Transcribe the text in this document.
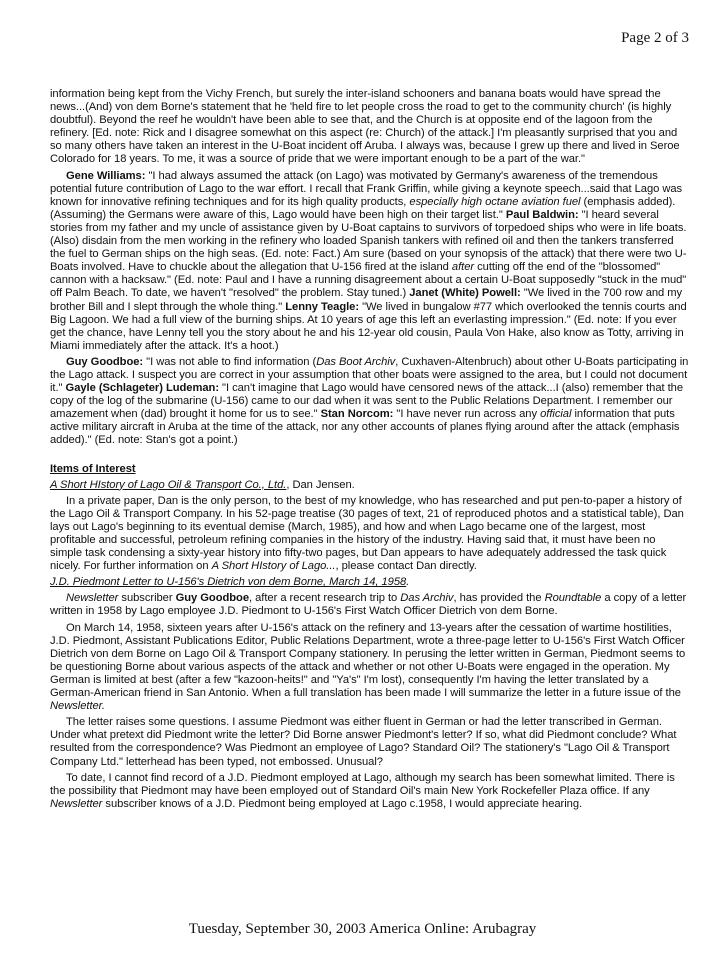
Page 2 of 3

information being kept from the Vichy French, but surely the inter-island schooners and banana boats would have spread the news...(And) von dem Borne's statement that he 'held fire to let people cross the road to get to the community church' (is highly doubtful). Beyond the reef he wouldn't have been able to see that, and the Church is at opposite end of the lagoon from the refinery. [Ed. note: Rick and I disagree somewhat on this aspect (re: Church) of the attack.] I'm pleasantly surprised that you and so many others have taken an interest in the U-Boat incident off Aruba. I always was, because I grew up there and lived in Seroe Colorado for 18 years. To me, it was a source of pride that we were important enough to be a part of the war."

Gene Williams: "I had always assumed the attack (on Lago) was motivated by Germany's awareness of the tremendous potential future contribution of Lago to the war effort. I recall that Frank Griffin, while giving a keynote speech...said that Lago was known for innovative refining techniques and for its high quality products, especially high octane aviation fuel (emphasis added). (Assuming) the Germans were aware of this, Lago would have been high on their target list." Paul Baldwin: "I heard several stories from my father and my uncle of assistance given by U-Boat captains to survivors of torpedoed ships who were in life boats. (Also) disdain from the men working in the refinery who loaded Spanish tankers with refined oil and then the tankers transferred the fuel to German ships on the high seas. (Ed. note: Fact.) Am sure (based on your synopsis of the attack) that there were two U-Boats involved. Have to chuckle about the allegation that U-156 fired at the island after cutting off the end of the "blossomed" cannon with a hacksaw." (Ed. note: Paul and I have a running disagreement about a certain U-Boat supposedly "stuck in the mud" off Palm Beach. To date, we haven't "resolved" the problem. Stay tuned.) Janet (White) Powell: "We lived in the 700 row and my brother Bill and I slept through the whole thing." Lenny Teagle: "We lived in bungalow #77 which overlooked the tennis courts and Big Lagoon. We had a full view of the burning ships. At 10 years of age this left an everlasting impression." (Ed. note: If you ever get the chance, have Lenny tell you the story about he and his 12-year old cousin, Paula Von Hake, also know as Totty, arriving in Miami immediately after the attack. It's a hoot.)

Guy Goodboe: "I was not able to find information (Das Boot Archiv, Cuxhaven-Altenbruch) about other U-Boats participating in the Lago attack. I suspect you are correct in your assumption that other boats were assigned to the area, but I could not document it." Gayle (Schlageter) Ludeman: "I can't imagine that Lago would have censored news of the attack...I (also) remember that the copy of the log of the submarine (U-156) came to our dad when it was sent to the Public Relations Department. I remember our amazement when (dad) brought it home for us to see." Stan Norcom: "I have never run across any official information that puts active military aircraft in Aruba at the time of the attack, nor any other accounts of planes flying around after the attack (emphasis added)." (Ed. note: Stan's got a point.)

Items of Interest

A Short HIstory of Lago Oil & Transport Co., Ltd., Dan Jensen.

In a private paper, Dan is the only person, to the best of my knowledge, who has researched and put pen-to-paper a history of the Lago Oil & Transport Company. In his 52-page treatise (30 pages of text, 21 of reproduced photos and a statistical table), Dan lays out Lago's beginning to its eventual demise (March, 1985), and how and when Lago became one of the largest, most profitable and successful, petroleum refining companies in the history of the industry. Having said that, it must have been no simple task condensing a sixty-year history into fifty-two pages, but Dan appears to have adequately addressed the task quick nicely. For further information on A Short HIstory of Lago..., please contact Dan directly.

J.D. Piedmont Letter to U-156's Dietrich von dem Borne, March 14, 1958.

Newsletter subscriber Guy Goodboe, after a recent research trip to Das Archiv, has provided the Roundtable a copy of a letter written in 1958 by Lago employee J.D. Piedmont to U-156's First Watch Officer Dietrich von dem Borne.

On March 14, 1958, sixteen years after U-156's attack on the refinery and 13-years after the cessation of wartime hostilities, J.D. Piedmont, Assistant Publications Editor, Public Relations Department, wrote a three-page letter to U-156's First Watch Officer Dietrich von dem Borne on Lago Oil & Transport Company stationery. In perusing the letter written in German, Piedmont seems to be questioning Borne about various aspects of the attack and whether or not other U-Boats were engaged in the operation. My German is limited at best (after a few "kazoon-heits!" and "Ya's" I'm lost), consequently I'm having the letter translated by a German-American friend in San Antonio. When a full translation has been made I will summarize the letter in a future issue of the Newsletter.

The letter raises some questions. I assume Piedmont was either fluent in German or had the letter transcribed in German. Under what pretext did Piedmont write the letter? Did Borne answer Piedmont's letter? If so, what did Piedmont conclude? What resulted from the correspondence? Was Piedmont an employee of Lago? Standard Oil? The stationery's "Lago Oil & Transport Company Ltd." letterhead has been typed, not embossed. Unusual?

To date, I cannot find record of a J.D. Piedmont employed at Lago, although my search has been somewhat limited. There is the possibility that Piedmont may have been employed out of Standard Oil's main New York Rockefeller Plaza office. If any Newsletter subscriber knows of a J.D. Piedmont being employed at Lago c.1958, I would appreciate hearing.

Tuesday, September 30, 2003 America Online: Arubagray
